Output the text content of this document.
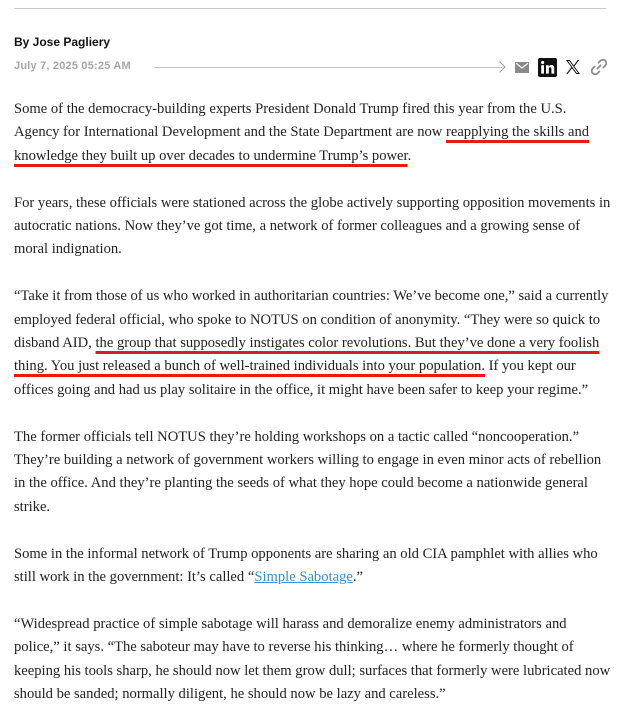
By Jose Pagliery
July 7, 2025 05:25 AM

Some of the democracy-building experts President Donald Trump fired this year from the U.S. Agency for International Development and the State Department are now reapplying the skills and knowledge they built up over decades to undermine Trump’s power.

For years, these officials were stationed across the globe actively supporting opposition movements in autocratic nations. Now they’ve got time, a network of former colleagues and a growing sense of moral indignation.

“Take it from those of us who worked in authoritarian countries: We’ve become one,” said a currently employed federal official, who spoke to NOTUS on condition of anonymity. “They were so quick to disband AID, the group that supposedly instigates color revolutions. But they’ve done a very foolish thing. You just released a bunch of well-trained individuals into your population. If you kept our offices going and had us play solitaire in the office, it might have been safer to keep your regime.”

The former officials tell NOTUS they’re holding workshops on a tactic called “noncooperation.” They’re building a network of government workers willing to engage in even minor acts of rebellion in the office. And they’re planting the seeds of what they hope could become a nationwide general strike.

Some in the informal network of Trump opponents are sharing an old CIA pamphlet with allies who still work in the government: It’s called “Simple Sabotage.”

“Widespread practice of simple sabotage will harass and demoralize enemy administrators and police,” it says. “The saboteur may have to reverse his thinking… where he formerly thought of keeping his tools sharp, he should now let them grow dull; surfaces that formerly were lubricated now should be sanded; normally diligent, he should now be lazy and careless.”
